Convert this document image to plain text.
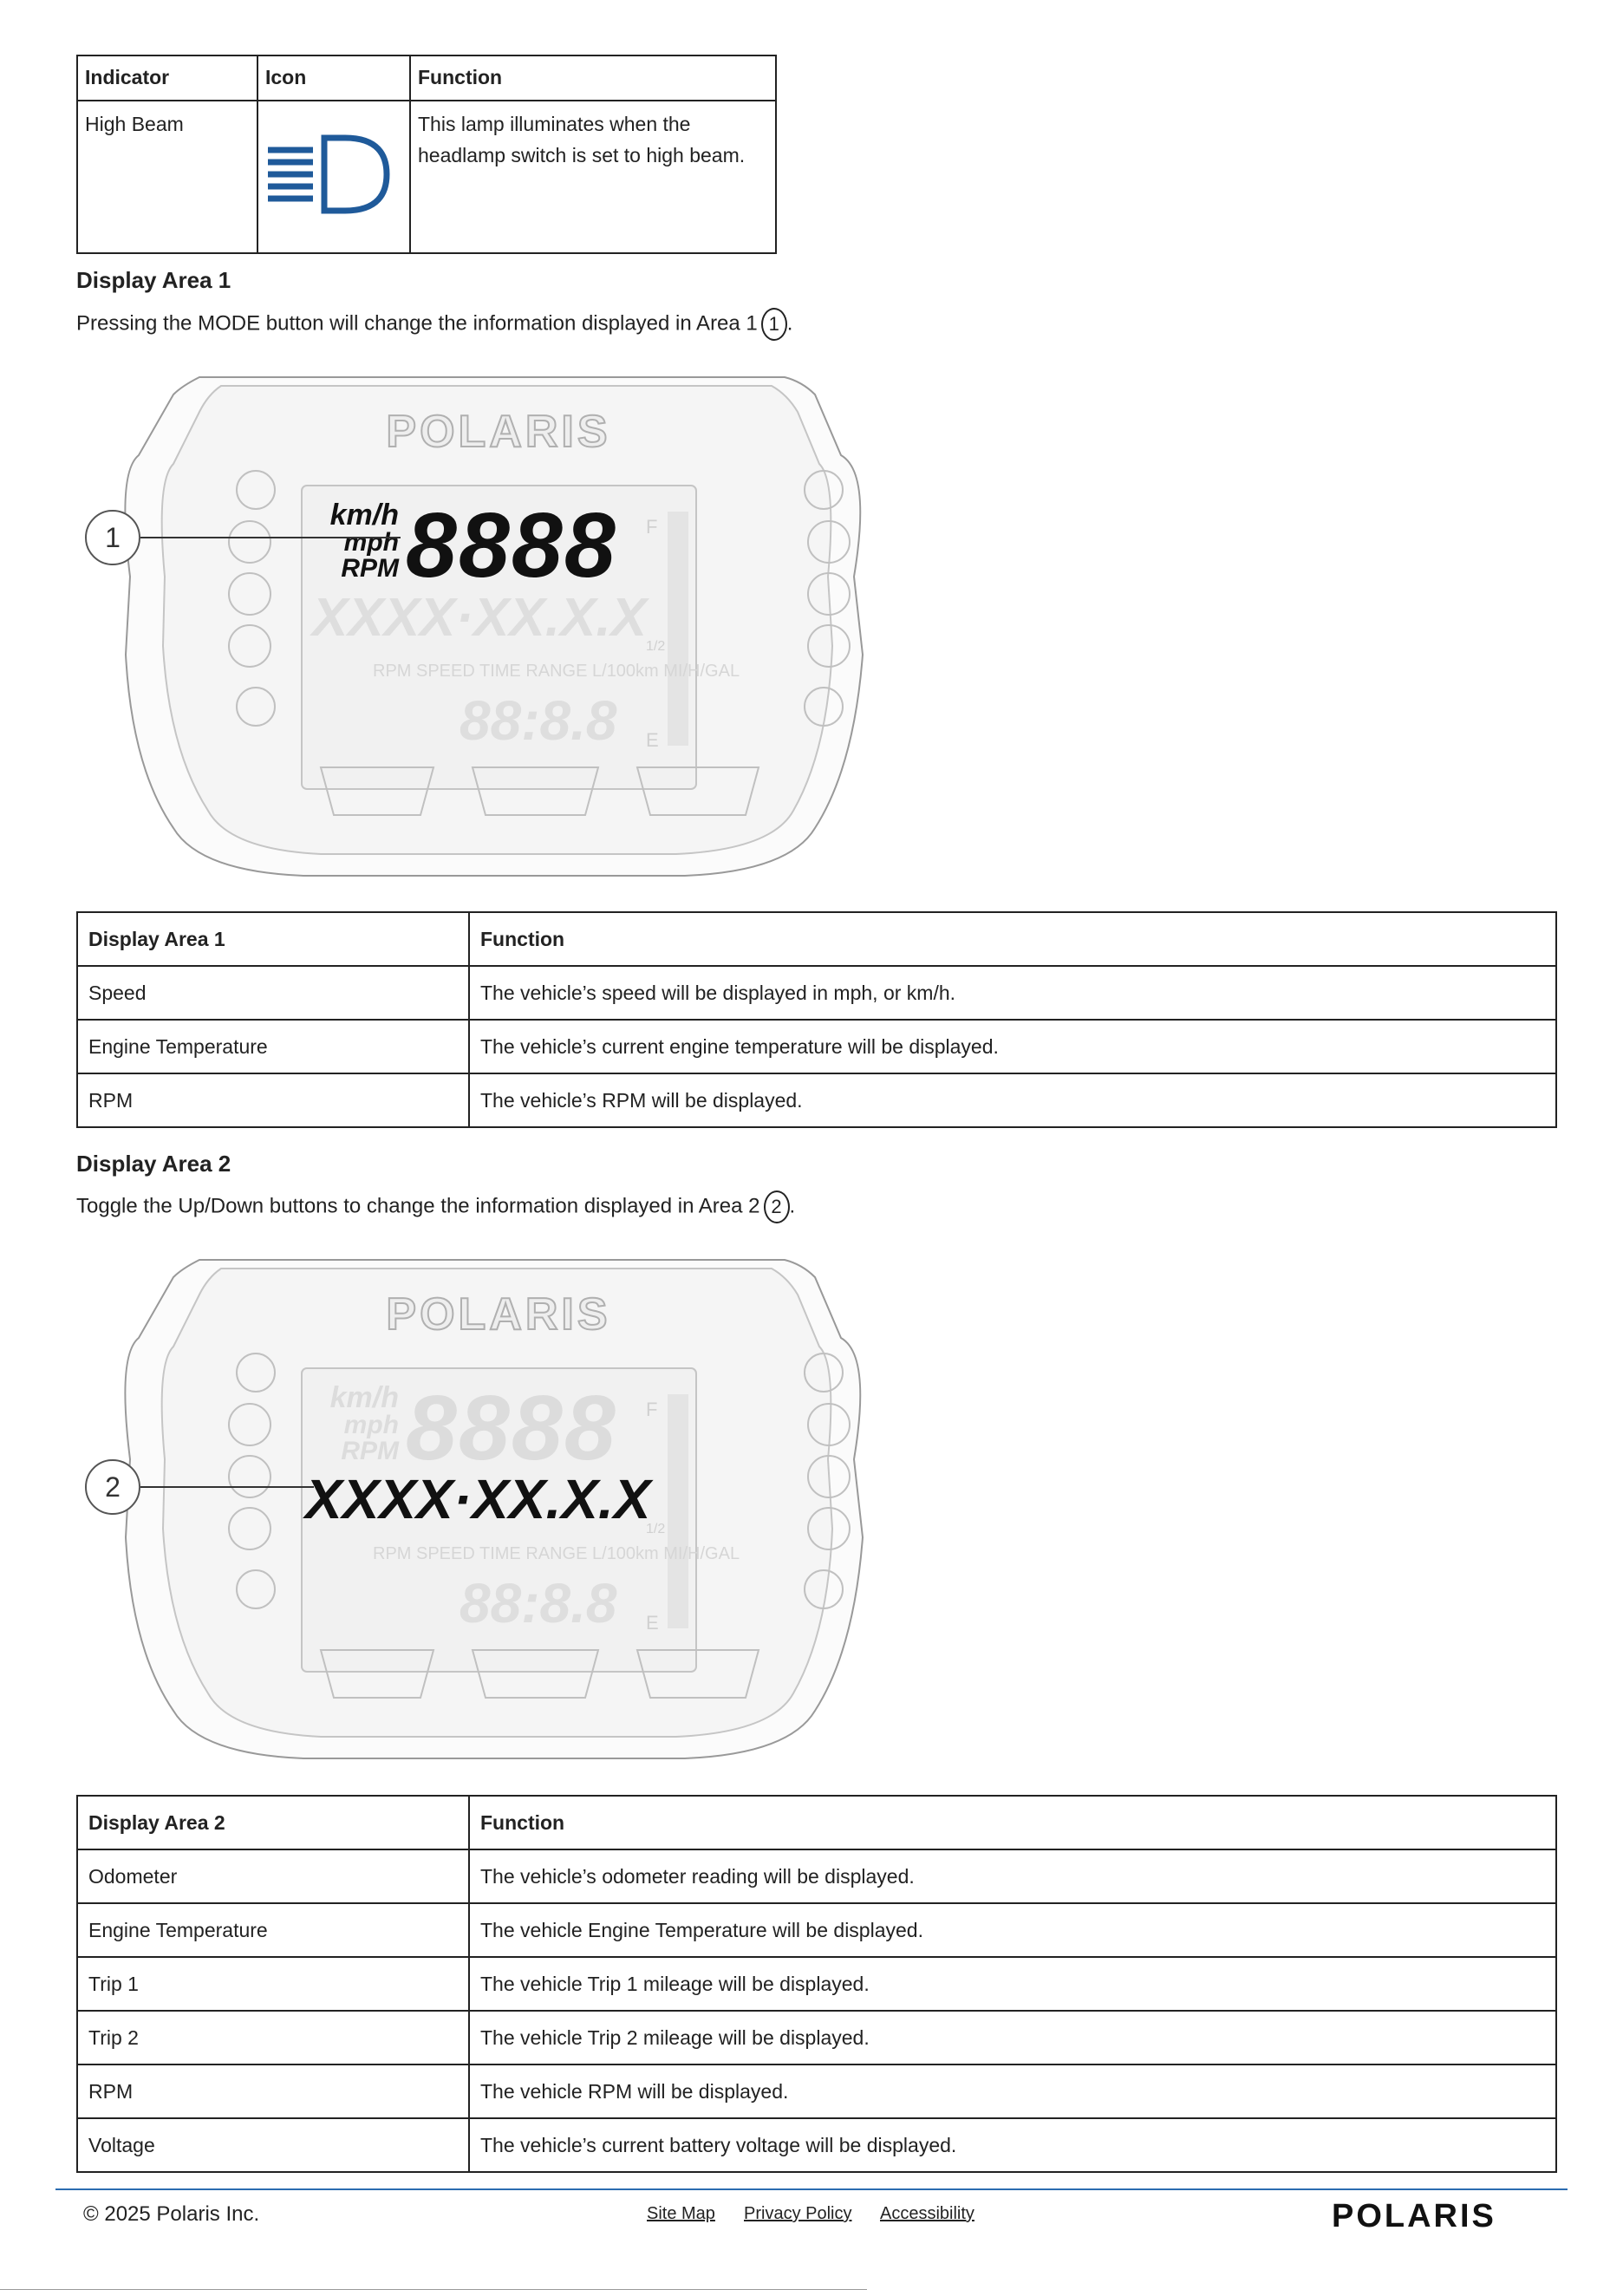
Indicator	Icon	Function
High Beam		This lamp illuminates when the headlamp switch is set to high beam.
Display Area 1

Pressing the MODE button will change the information displayed in Area 1 1 .

POLARIS
XXXX·XX.X.X
RPM SPEED TIME RANGE L/100km MI/H/GAL
88:8.8
F
1/2
E
km/h
mph
RPM 8888
1
Display Area 1	Function
Speed	The vehicle’s speed will be displayed in mph, or km/h.
Engine Temperature	The vehicle’s current engine temperature will be displayed.
RPM	The vehicle’s RPM will be displayed.
Display Area 2

Toggle the Up/Down buttons to change the information displayed in Area 2 2 .

POLARIS
km/h
mph
RPM 8888
RPM SPEED TIME RANGE L/100km MI/H/GAL
88:8.8
F
1/2
E
XXXX·XX.X.X
2
Display Area 2	Function
Odometer	The vehicle’s odometer reading will be displayed.
Engine Temperature	The vehicle Engine Temperature will be displayed.
Trip 1	The vehicle Trip 1 mileage will be displayed.
Trip 2	The vehicle Trip 2 mileage will be displayed.
RPM	The vehicle RPM will be displayed.
Voltage	The vehicle’s current battery voltage will be displayed.
© 2025 Polaris Inc.	Site Map Privacy Policy Accessibility	POLARIS
